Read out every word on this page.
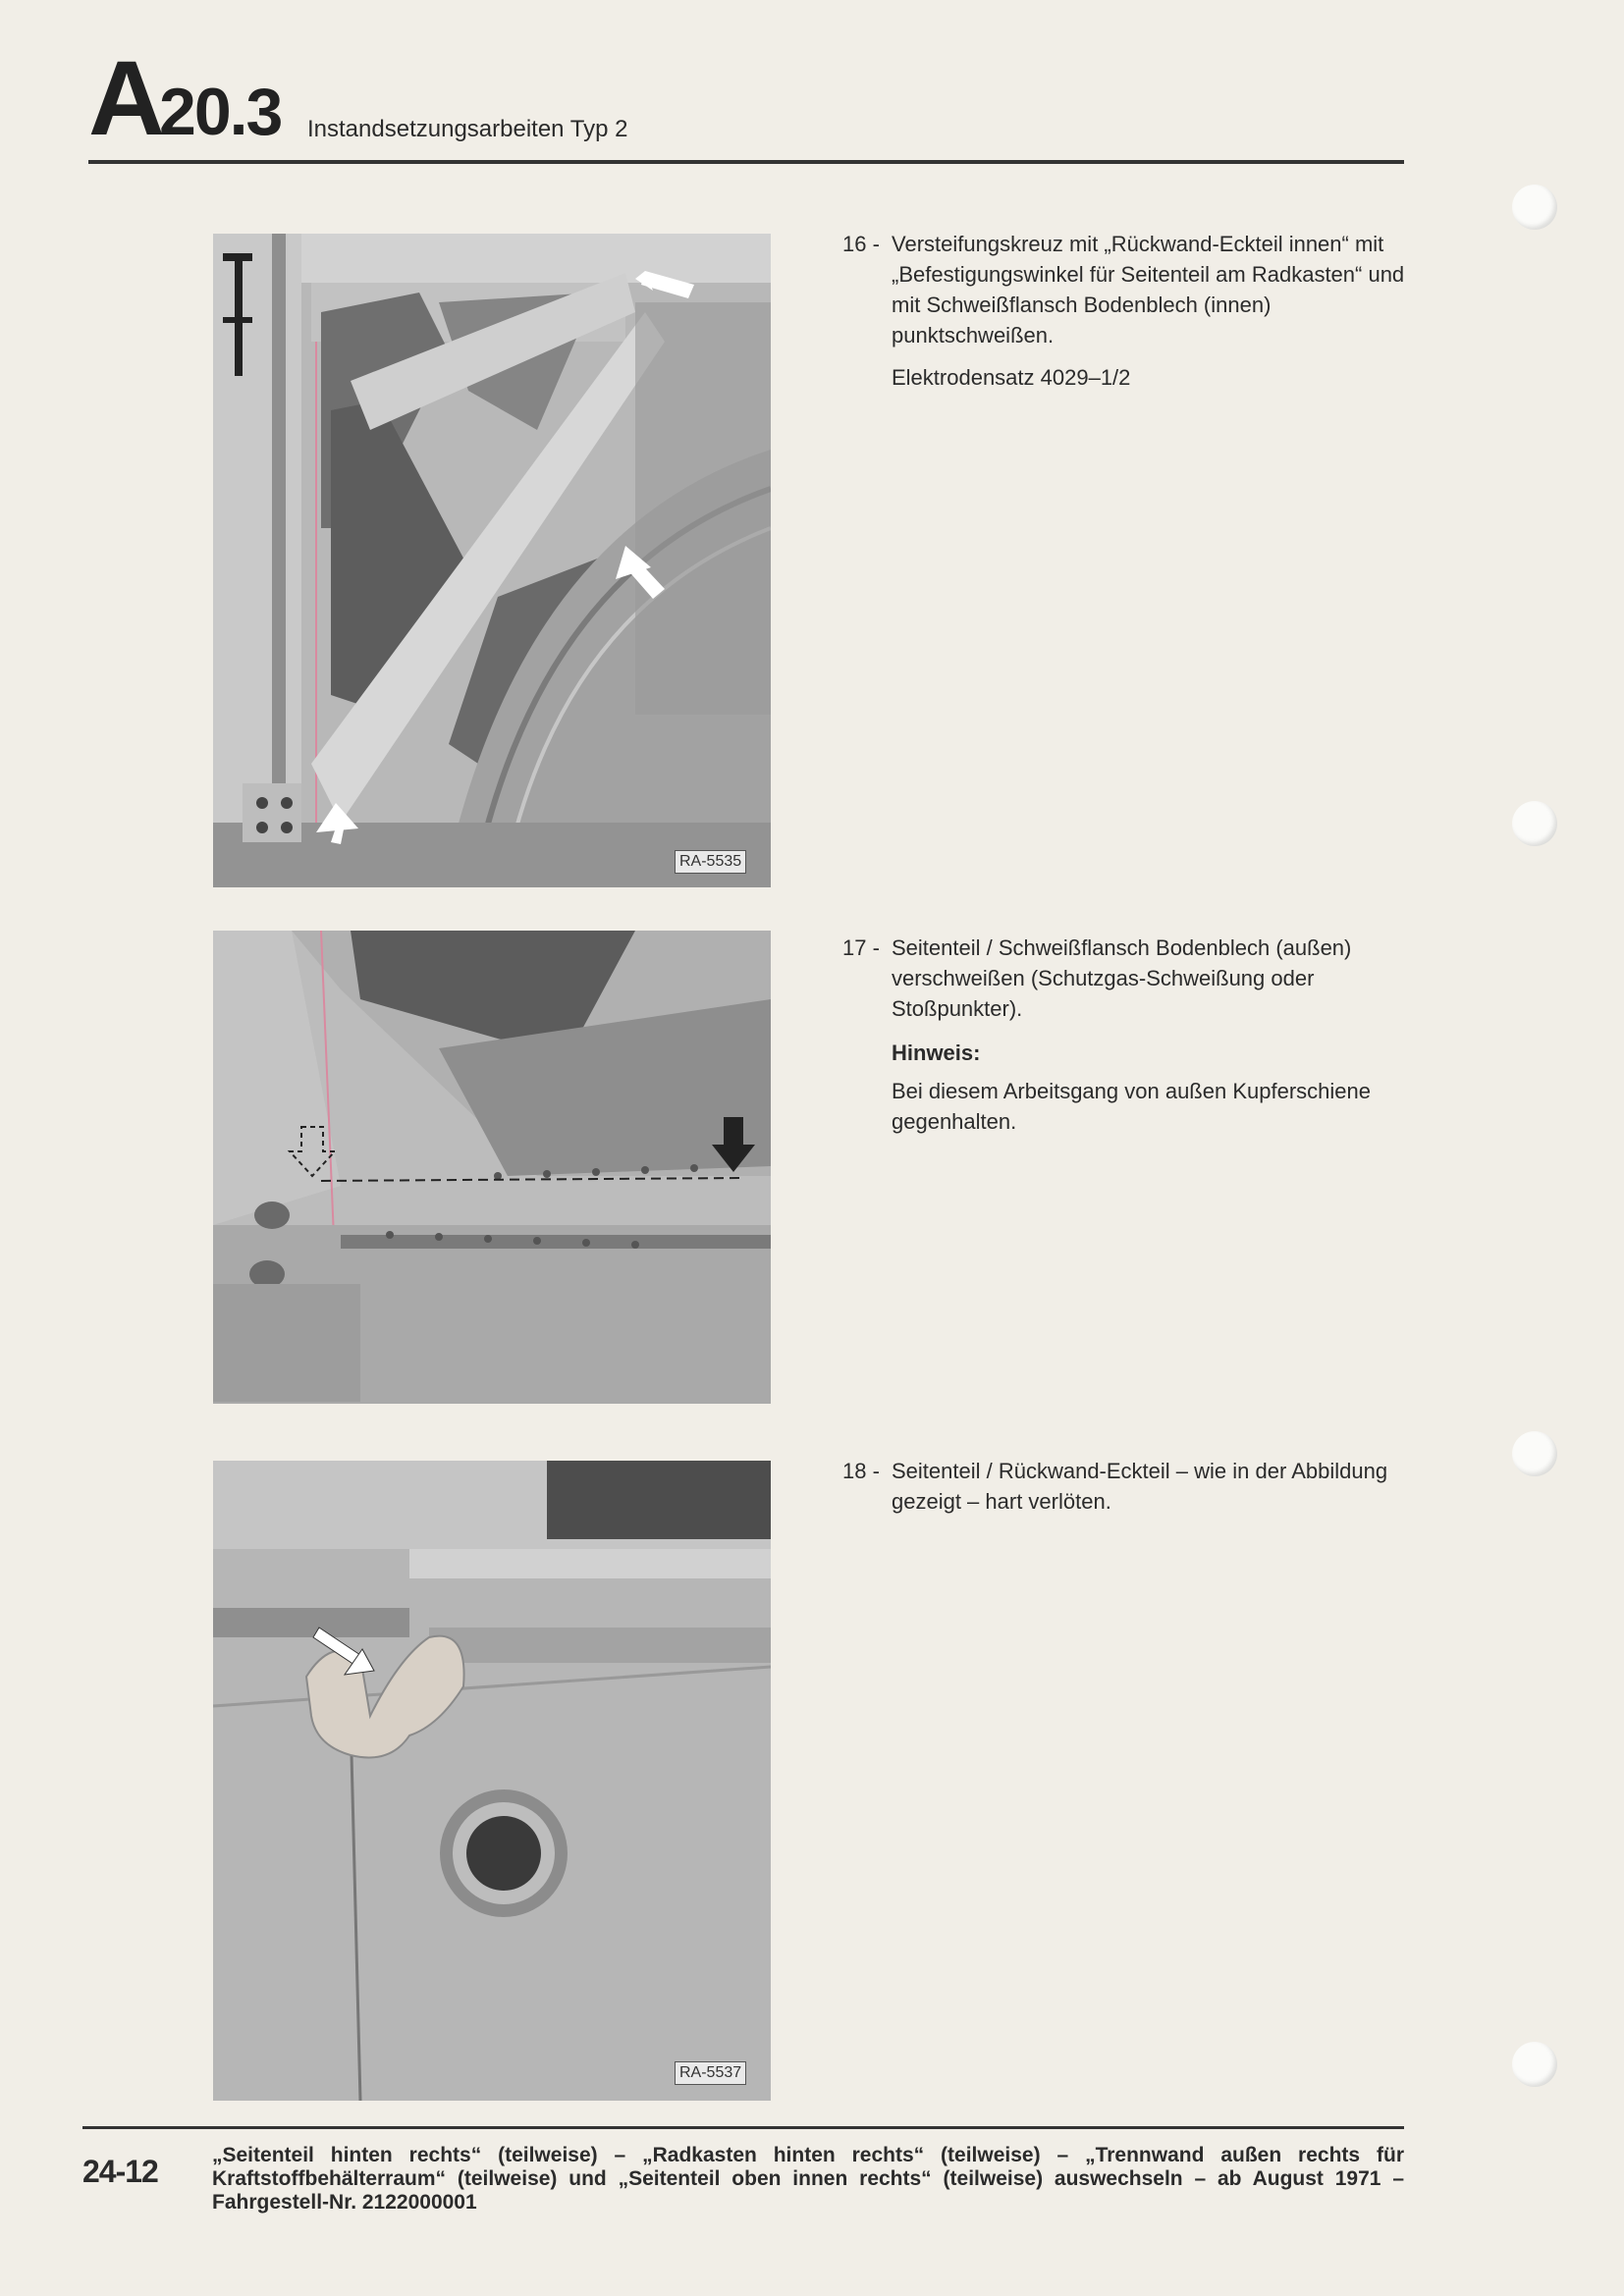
A20.3 Instandsetzungsarbeiten Typ 2
RA-5535
RA-5537
16 - Versteifungskreuz mit „Rückwand-Eckteil innen“ mit „Befestigungswinkel für Seitenteil am Radkasten“ und mit Schweißflansch Bodenblech (innen) punktschweißen.

Elektrodensatz 4029–1/2

17 - Seitenteil / Schweißflansch Bodenblech (außen) verschweißen (Schutzgas-Schweißung oder Stoßpunkter).

Hinweis:

Bei diesem Arbeitsgang von außen Kupferschiene gegenhalten.

18 - Seitenteil / Rückwand-Eckteil – wie in der Abbildung gezeigt – hart verlöten.

24-12	„Seitenteil hinten rechts“ (teilweise) – „Radkasten hinten rechts“ (teilweise) – „Trennwand außen rechts für Kraftstoffbehälterraum“ (teilweise) und „Seitenteil oben innen rechts“ (teilweise) auswechseln – ab August 1971 – Fahrgestell-Nr. 2122000001
